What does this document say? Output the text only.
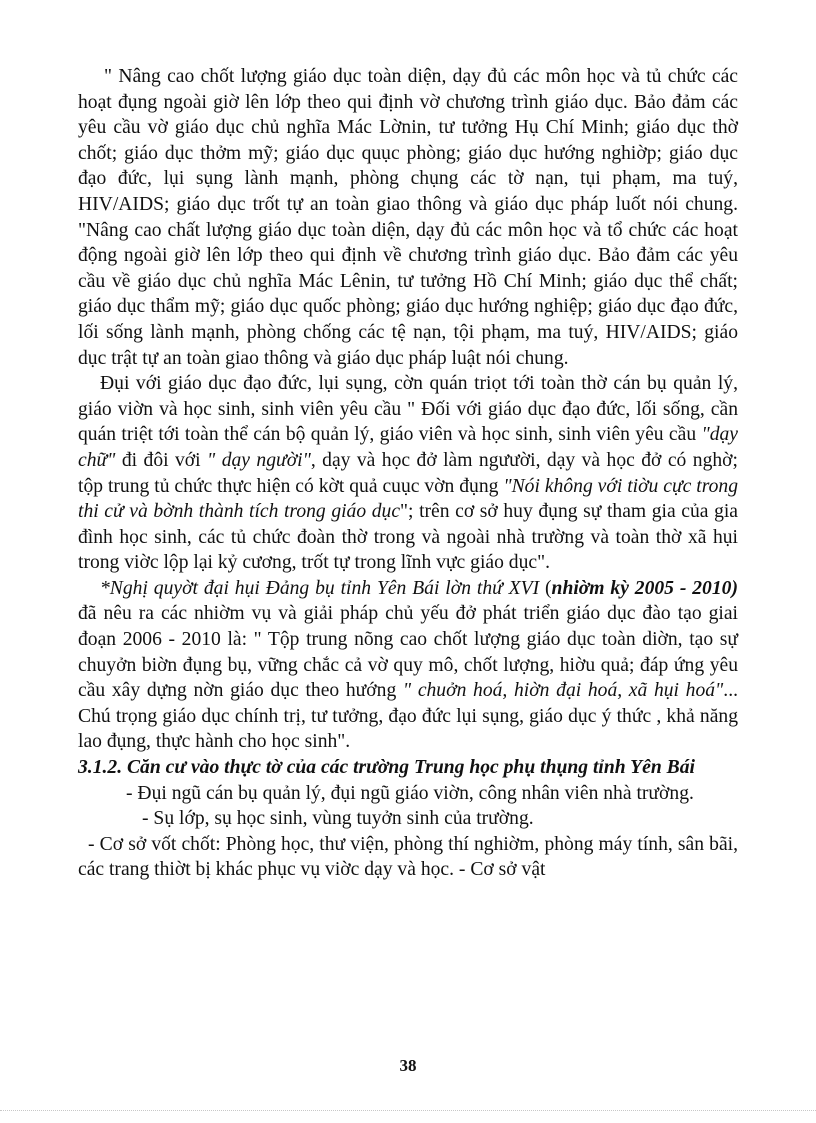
" Nâng cao chốt lượng giáo dục toàn diện, dạy đủ các môn học và tủ chức các hoạt đụng ngoài giờ lên lớp theo qui định vờ chương trình giáo dục. Bảo đảm các yêu cầu vờ giáo dục chủ nghĩa Mác Lờnin, tư tưởng Hụ Chí Minh; giáo dục thờ chốt; giáo dục thởm mỹ; giáo dục quục phòng; giáo dục hướng nghiờp; giáo dục đạo đức, lụi sụng lành mạnh, phòng chụng các tờ nạn, tụi phạm, ma tuý, HIV/AIDS; giáo dục trốt tự an toàn giao thông và giáo dục pháp luốt nói chung. "Nâng cao chất lượng giáo dục toàn diện, dạy đủ các môn học và tổ chức các hoạt động ngoài giờ lên lớp theo qui định về chương trình giáo dục. Bảo đảm các yêu cầu về giáo dục chủ nghĩa Mác Lênin, tư tưởng Hồ Chí Minh; giáo dục thể chất; giáo dục thẩm mỹ; giáo dục quốc phòng; giáo dục hướng nghiệp; giáo dục đạo đức, lối sống lành mạnh, phòng chống các tệ nạn, tội phạm, ma tuý, HIV/AIDS; giáo dục trật tự an toàn giao thông và giáo dục pháp luật nói chung.

Đụi với giáo dục đạo đức, lụi sụng, cờn quán triọt tới toàn thờ cán bụ quản lý, giáo viờn và học sinh, sinh viên yêu cầu " Đối với giáo dục đạo đức, lối sống, cần quán triệt tới toàn thể cán bộ quản lý, giáo viên và học sinh, sinh viên yêu cầu "dạy chữ" đi đôi với " dạy người", dạy và học đở làm ngưười, dạy và học đở có nghờ; tộp trung tủ chức thực hiện có kờt quả cuục vờn đụng "Nói không với tiờu cực trong thi cử và bờnh thành tích trong giáo dục"; trên cơ sở huy đụng sự tham gia của gia đình học sinh, các tủ chức đoàn thờ trong và ngoài nhà trường và toàn thờ xã hụi trong viờc lộp lại kỷ cương, trốt tự trong lĩnh vực giáo dục".

*Nghị quyờt đại hụi Đảng bụ tỉnh Yên Bái lờn thứ XVI (nhiờm kỳ 2005 - 2010) đã nêu ra các nhiờm vụ và giải pháp chủ yếu đở phát triển giáo dục đào tạo giai đoạn 2006 - 2010 là: " Tộp trung nõng cao chốt lượng giáo dục toàn diờn, tạo sự chuyởn biờn đụng bụ, vững chắc cả vờ quy mô, chốt lượng, hiờu quả; đáp ứng yêu cầu xây dựng nờn giáo dục theo hướng " chuởn hoá, hiờn đại hoá, xã hụi hoá"... Chú trọng giáo dục chính trị, tư tưởng, đạo đức lụi sụng, giáo dục ý thức , khả năng lao đụng, thực hành cho học sinh".

3.1.2. Căn cư vào thực tờ của các trường Trung học phụ thụng tỉnh Yên Bái

- Đụi ngũ cán bụ quản lý, đụi ngũ giáo viờn, công nhân viên nhà trường.

- Sụ lớp, sụ học sinh, vùng tuyởn sinh của trường.

- Cơ sở vốt chốt: Phòng học, thư viện, phòng thí nghiờm, phòng máy tính, sân bãi, các trang thiờt bị khác phục vụ viờc dạy và học. - Cơ sở vật

38
